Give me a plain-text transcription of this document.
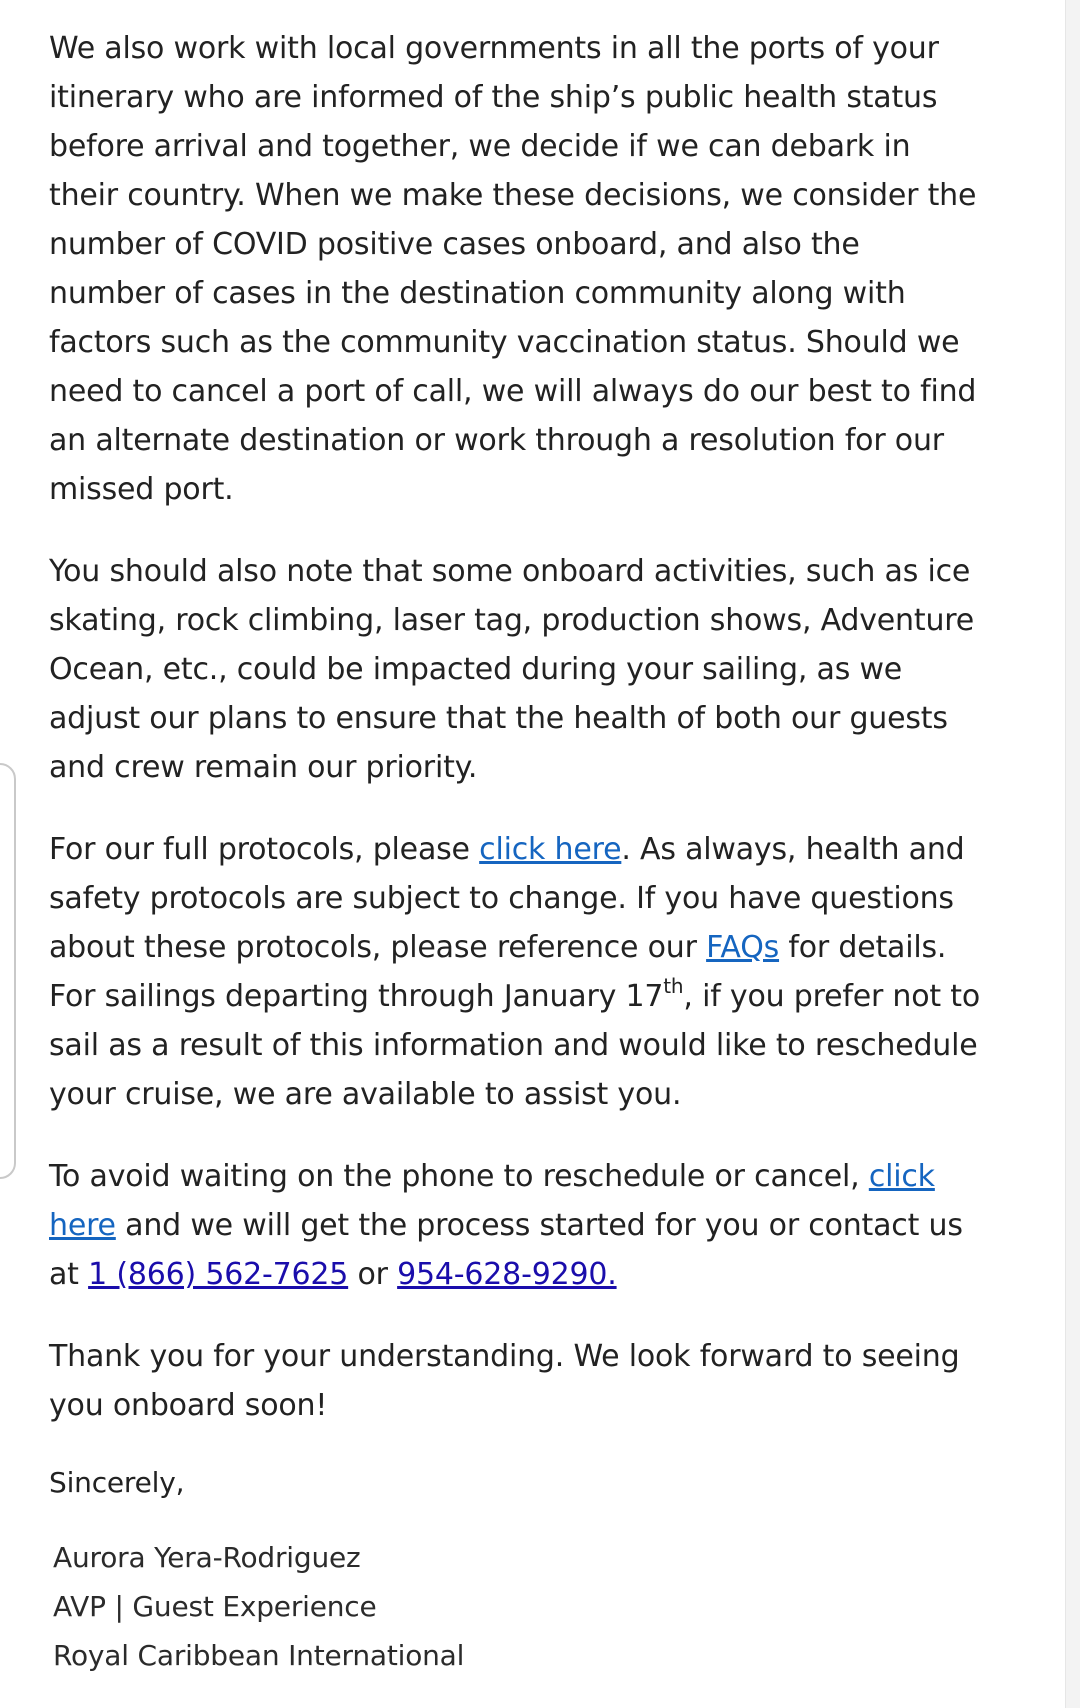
We also work with local governments in all the ports of your itinerary who are informed of the ship’s public health status before arrival and together, we decide if we can debark in their country. When we make these decisions, we consider the number of COVID positive cases onboard, and also the number of cases in the destination community along with factors such as the community vaccination status. Should we need to cancel a port of call, we will always do our best to find an alternate destination or work through a resolution for our missed port.

You should also note that some onboard activities, such as ice skating, rock climbing, laser tag, production shows, Adventure Ocean, etc., could be impacted during your sailing, as we adjust our plans to ensure that the health of both our guests and crew remain our priority.

For our full protocols, please click here. As always, health and safety protocols are subject to change. If you have questions about these protocols, please reference our FAQs for details. For sailings departing through January 17th, if you prefer not to sail as a result of this information and would like to reschedule your cruise, we are available to assist you.

To avoid waiting on the phone to reschedule or cancel, click here and we will get the process started for you or contact us at 1 (866) 562-7625 or 954-628-9290.

Thank you for your understanding. We look forward to seeing you onboard soon!

Sincerely,
Aurora Yera-Rodriguez
AVP | Guest Experience
Royal Caribbean International
